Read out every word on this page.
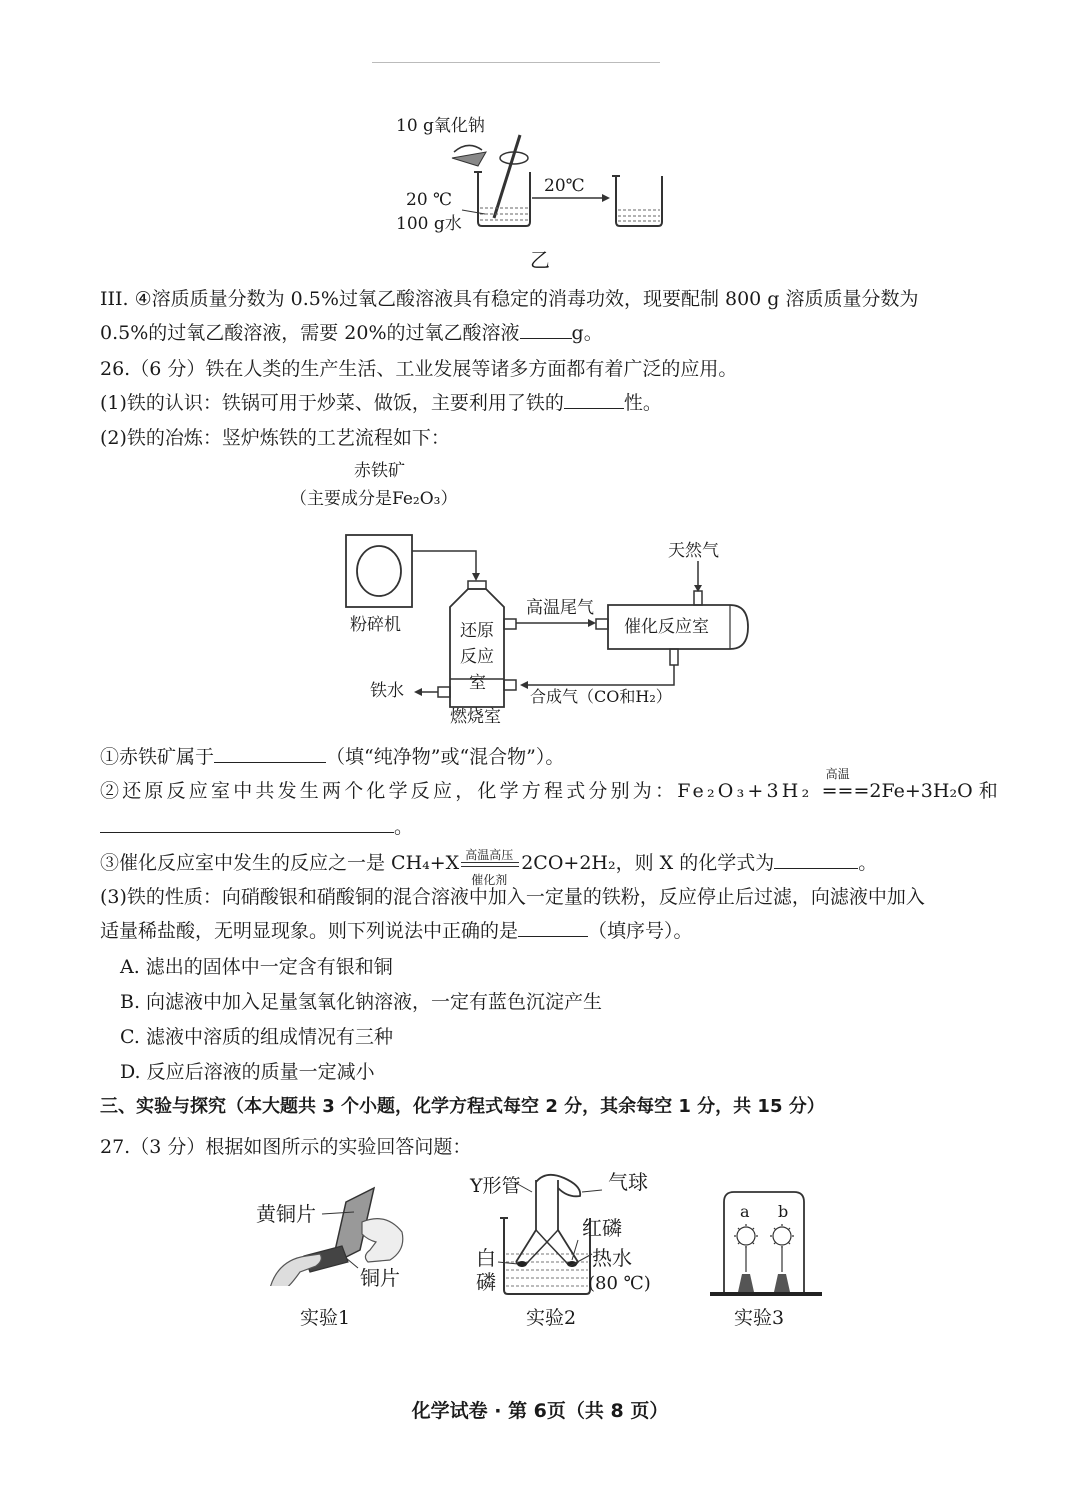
10 g氧化钠
20 ℃
100 g水
20℃
乙
III. ④溶质质量分数为 0.5%过氧乙酸溶液具有稳定的消毒功效，现要配制 800 g 溶质质量分数为
0.5%的过氧乙酸溶液，需要 20%的过氧乙酸溶液	g。
26.（6 分）铁在人类的生产生活、工业发展等诸多方面都有着广泛的应用。
(1)铁的认识：铁锅可用于炒菜、做饭，主要利用了铁的	性。
(2)铁的冶炼：竖炉炼铁的工艺流程如下：
赤铁矿
（主要成分是Fe₂O₃）
粉碎机	还原
反应
室
燃烧室
高温尾气
天然气
催化反应室
合成气（CO和H₂）
铁水
①赤铁矿属于	（填“纯净物”或“混合物”）。
②还原反应室中共发生两个化学反应，化学方程式分别为：Fe₂O₃+3H₂
高温
===2Fe+3H₂O 和
。
③催化反应室中发生的反应之一是 CH₄+X 高温高压
催化剂
2CO+2H₂，则 X 的化学式为	。
(3)铁的性质：向硝酸银和硝酸铜的混合溶液中加入一定量的铁粉，反应停止后过滤，向滤液中加入
适量稀盐酸，无明显现象。则下列说法中正确的是	（填序号）。
A. 滤出的固体中一定含有银和铜
B. 向滤液中加入足量氢氧化钠溶液，一定有蓝色沉淀产生
C. 滤液中溶质的组成情况有三种
D. 反应后溶液的质量一定减小
三、实验与探究（本大题共 3 个小题，化学方程式每空 2 分，其余每空 1 分，共 15 分）
27.（3 分）根据如图所示的实验回答问题：
黄铜片
铜片
实验1
Y形管	气球
红磷
白
磷
热水
(80 ℃)
实验2
a b
实验3
化学试卷 · 第 6页（共 8 页）
